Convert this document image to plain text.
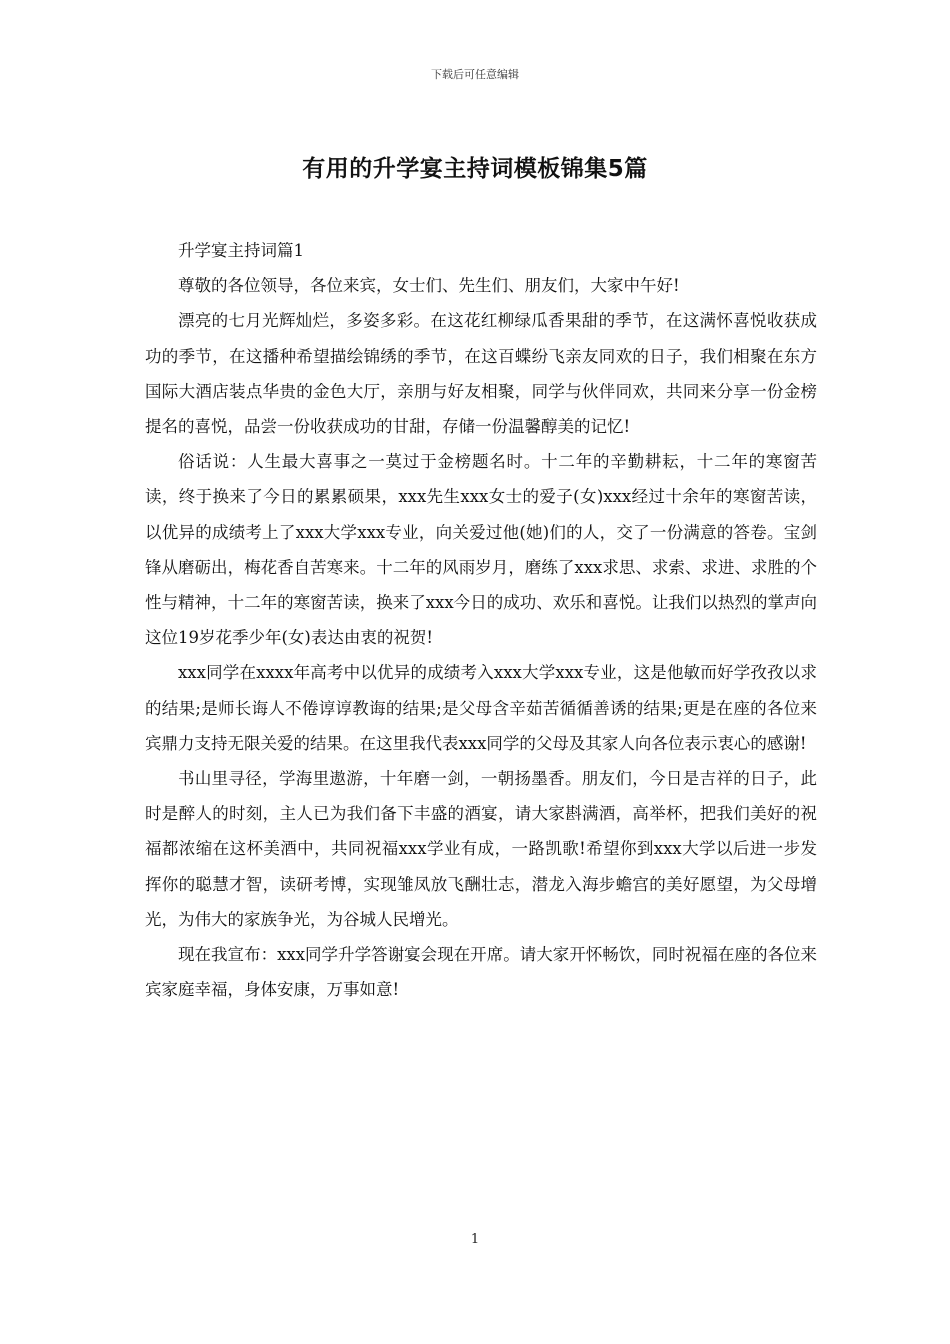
下载后可任意编辑
有用的升学宴主持词模板锦集5篇

升学宴主持词篇1

尊敬的各位领导，各位来宾，女士们、先生们、朋友们，大家中午好!

漂亮的七月光辉灿烂，多姿多彩。在这花红柳绿瓜香果甜的季节，在这满怀喜悦收获成功的季节，在这播种希望描绘锦绣的季节，在这百蝶纷飞亲友同欢的日子，我们相聚在东方国际大酒店装点华贵的金色大厅，亲朋与好友相聚，同学与伙伴同欢，共同来分享一份金榜提名的喜悦，品尝一份收获成功的甘甜，存储一份温馨醇美的记忆!

俗话说：人生最大喜事之一莫过于金榜题名时。十二年的辛勤耕耘，十二年的寒窗苦读，终于换来了今日的累累硕果，xxx先生xxx女士的爱子(女)xxx经过十余年的寒窗苦读，以优异的成绩考上了xxx大学xxx专业，向关爱过他(她)们的人，交了一份满意的答卷。宝剑锋从磨砺出，梅花香自苦寒来。十二年的风雨岁月，磨练了xxx求思、求索、求进、求胜的个性与精神，十二年的寒窗苦读，换来了xxx今日的成功、欢乐和喜悦。让我们以热烈的掌声向这位19岁花季少年(女)表达由衷的祝贺!

xxx同学在xxxx年高考中以优异的成绩考入xxx大学xxx专业，这是他敏而好学孜孜以求的结果;是师长诲人不倦谆谆教诲的结果;是父母含辛茹苦循循善诱的结果;更是在座的各位来宾鼎力支持无限关爱的结果。在这里我代表xxx同学的父母及其家人向各位表示衷心的感谢!

书山里寻径，学海里遨游，十年磨一剑，一朝扬墨香。朋友们，今日是吉祥的日子，此时是醉人的时刻，主人已为我们备下丰盛的酒宴，请大家斟满酒，高举杯，把我们美好的祝福都浓缩在这杯美酒中，共同祝福xxx学业有成，一路凯歌!希望你到xxx大学以后进一步发挥你的聪慧才智，读研考博，实现雏凤放飞酬壮志，潜龙入海步蟾宫的美好愿望，为父母增光，为伟大的家族争光，为谷城人民增光。

现在我宣布：xxx同学升学答谢宴会现在开席。请大家开怀畅饮，同时祝福在座的各位来宾家庭幸福，身体安康，万事如意!

1
